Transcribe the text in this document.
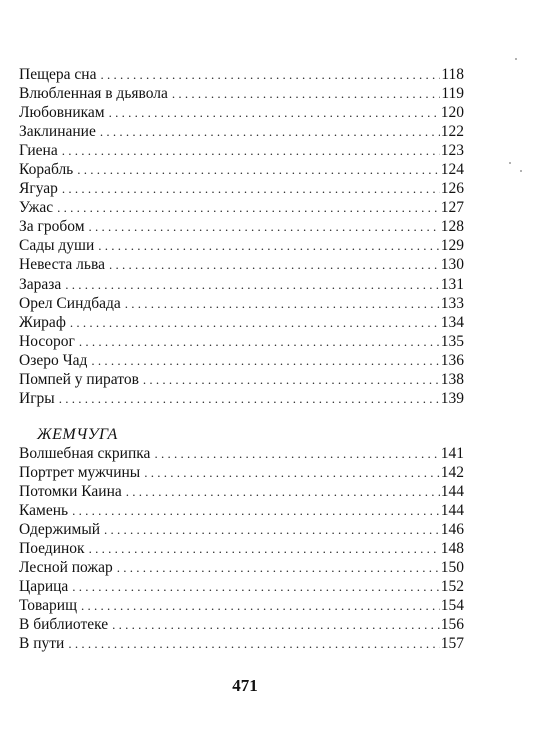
Пещера сна . . .	118
Влюбленная в дьявола . . .	119
Любовникам . . .	120
Заклинание . . .	122
Гиена . . .	123
Корабль . . .	124
Ягуар . . .	126
Ужас . . .	127
За гробом . . .	128
Сады души . . .	129
Невеста льва . . .	130
Зараза . . .	131
Орел Синдбада . . .	133
Жираф . . .	134
Носорог . . .	135
Озеро Чад . . .	136
Помпей у пиратов . . .	138
Игры . . .	139
ЖЕМЧУГА
Волшебная скрипка . . .	141
Портрет мужчины . . .	142
Потомки Каина . . .	144
Камень . . .	144
Одержимый . . .	146
Поединок . . .	148
Лесной пожар . . .	150
Царица . . .	152
Товарищ . . .	154
В библиотеке . . .	156
В пути . . .	157
471
